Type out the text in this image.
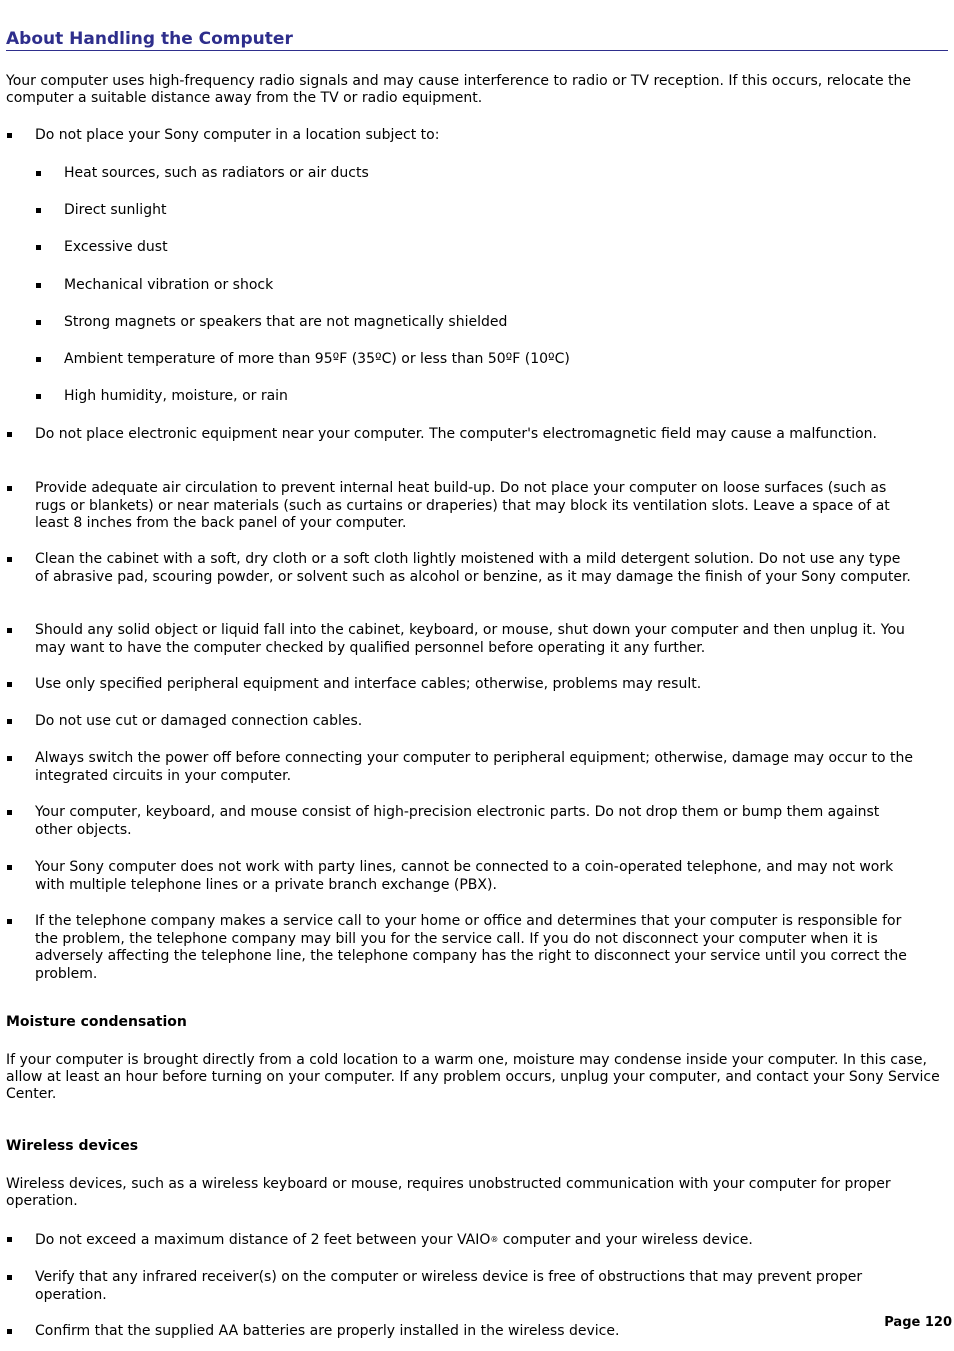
About Handling the Computer

Your computer uses high-frequency radio signals and may cause interference to radio or TV reception. If this occurs, relocate the computer a suitable distance away from the TV or radio equipment.

Do not place your Sony computer in a location subject to:
Heat sources, such as radiators or air ducts
Direct sunlight
Excessive dust
Mechanical vibration or shock
Strong magnets or speakers that are not magnetically shielded
Ambient temperature of more than 95ºF (35ºC) or less than 50ºF (10ºC)
High humidity, moisture, or rain
Do not place electronic equipment near your computer. The computer's electromagnetic field may cause a malfunction.
Provide adequate air circulation to prevent internal heat build-up. Do not place your computer on loose surfaces (such as rugs or blankets) or near materials (such as curtains or draperies) that may block its ventilation slots. Leave a space of at least 8 inches from the back panel of your computer.
Clean the cabinet with a soft, dry cloth or a soft cloth lightly moistened with a mild detergent solution. Do not use any type of abrasive pad, scouring powder, or solvent such as alcohol or benzine, as it may damage the finish of your Sony computer.
Should any solid object or liquid fall into the cabinet, keyboard, or mouse, shut down your computer and then unplug it. You may want to have the computer checked by qualified personnel before operating it any further.
Use only specified peripheral equipment and interface cables; otherwise, problems may result.
Do not use cut or damaged connection cables.
Always switch the power off before connecting your computer to peripheral equipment; otherwise, damage may occur to the integrated circuits in your computer.
Your computer, keyboard, and mouse consist of high-precision electronic parts. Do not drop them or bump them against other objects.
Your Sony computer does not work with party lines, cannot be connected to a coin-operated telephone, and may not work with multiple telephone lines or a private branch exchange (PBX).
If the telephone company makes a service call to your home or office and determines that your computer is responsible for the problem, the telephone company may bill you for the service call. If you do not disconnect your computer when it is adversely affecting the telephone line, the telephone company has the right to disconnect your service until you correct the problem.
Moisture condensation

If your computer is brought directly from a cold location to a warm one, moisture may condense inside your computer. In this case, allow at least an hour before turning on your computer. If any problem occurs, unplug your computer, and contact your Sony Service Center.

Wireless devices

Wireless devices, such as a wireless keyboard or mouse, requires unobstructed communication with your computer for proper operation.

Do not exceed a maximum distance of 2 feet between your VAIO® computer and your wireless device.
Verify that any infrared receiver(s) on the computer or wireless device is free of obstructions that may prevent proper operation.
Confirm that the supplied AA batteries are properly installed in the wireless device.
Page 120
